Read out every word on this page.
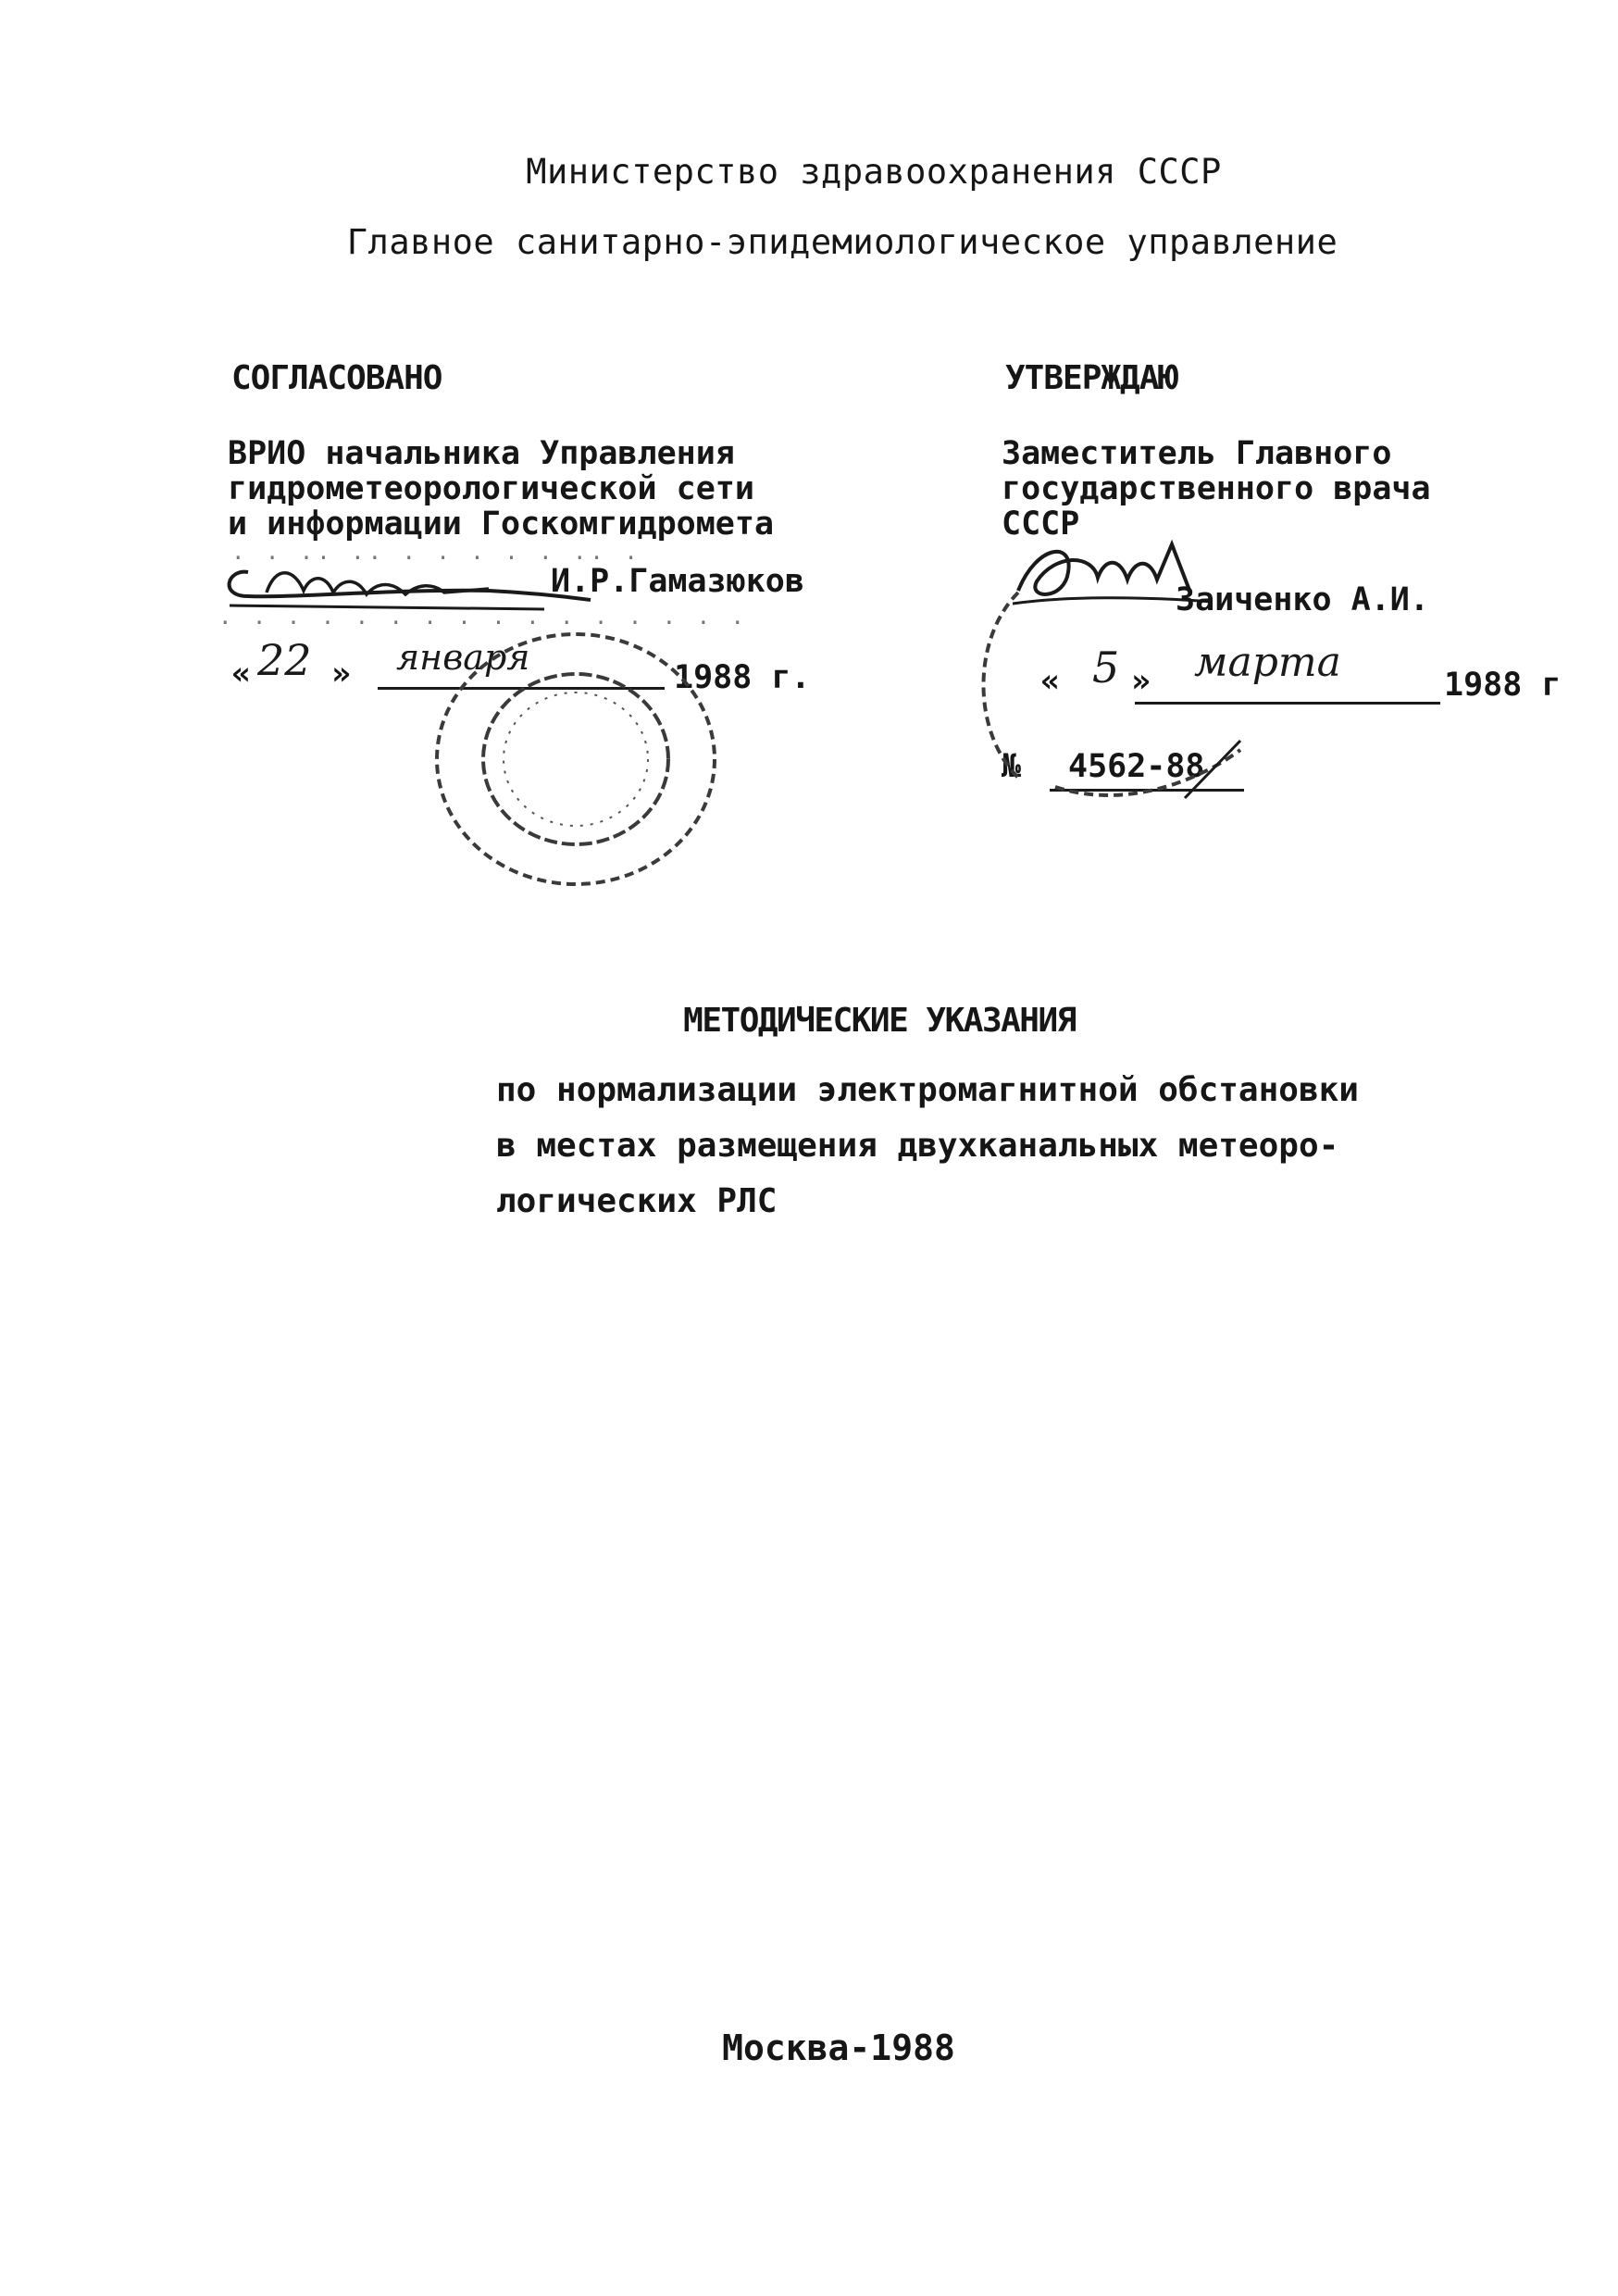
Министерство здравоохранения СССР
Главное санитарно-эпидемиологическое управление
СОГЛАСОВАНО
ВРИО начальника Управления
гидрометеорологической сети
и информации Госкомгидромета
. . .. .. . . . . . .. .
И.Р.Гамазюков
. . . . . . . . . . . . . . . .
« 22 » января	1988 г.
УТВЕРЖДАЮ
Заместитель Главного
государственного врача
СССР
Заиченко А.И.
« 5 » марта	1988 г
№ 4562-88
МЕТОДИЧЕСКИЕ УКАЗАНИЯ
по нормализации электромагнитной обстановки
в местах размещения двухканальных метеоро-
логических РЛС
Москва-1988
